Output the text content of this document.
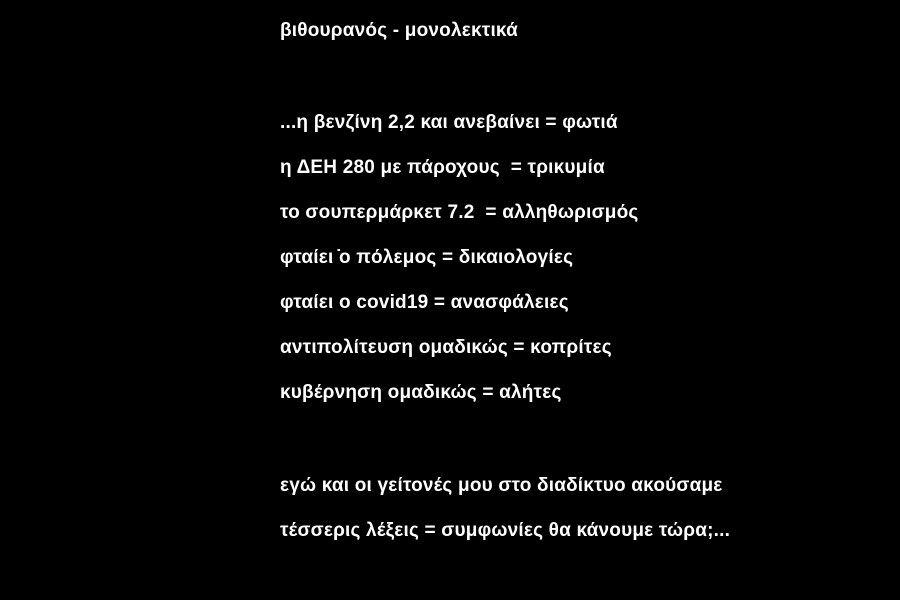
βιθουρανός - μονολεκτικά
...η βενζίνη 2,2 και ανεβαίνει = φωτιά
η ΔΕΗ 280 με πάροχους  = τρικυμία
το σουπερμάρκετ 7.2  = αλληθωρισμός
φταίει ̇ο πόλεμος = δικαιολογίες
φταίει ο covid19 = ανασφάλειες
αντιπολίτευση ομαδικώς = κοπρίτες
κυβέρνηση ομαδικώς = αλήτες
εγώ και οι γείτονές μου στο διαδίκτυο ακούσαμε
τέσσερις λέξεις = συμφωνίες θα κάνουμε τώρα;...
